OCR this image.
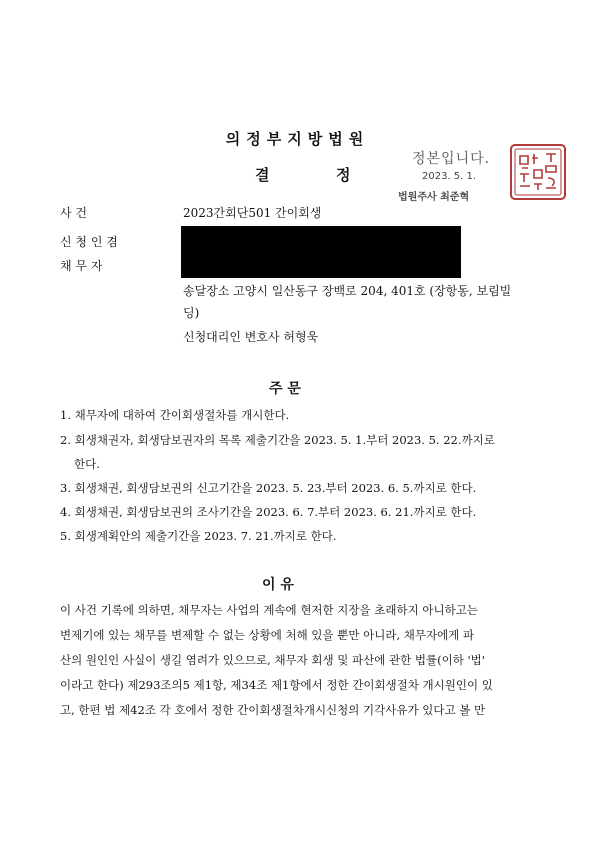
의정부지방법원
결	정
정본입니다.
2023. 5. 1.
법원주사 최준혁
사 건	2023간회단501 간이회생
신 청 인 겸
채 무 자
송달장소 고양시 일산동구 장백로 204, 401호 (장항동, 보림빌
딩)
신청대리인 변호사 허형욱
주 문
1. 채무자에 대하여 간이회생절차를 개시한다.
2. 회생채권자, 회생담보권자의 목록 제출기간을 2023. 5. 1.부터 2023. 5. 22.까지로
한다.
3. 회생채권, 회생담보권의 신고기간을 2023. 5. 23.부터 2023. 6. 5.까지로 한다.
4. 회생채권, 회생담보권의 조사기간을 2023. 6. 7.부터 2023. 6. 21.까지로 한다.
5. 회생계획안의 제출기간을 2023. 7. 21.까지로 한다.
이 유
이 사건 기록에 의하면, 채무자는 사업의 계속에 현저한 지장을 초래하지 아니하고는
변제기에 있는 채무를 변제할 수 없는 상황에 처해 있을 뿐만 아니라, 채무자에게 파
산의 원인인 사실이 생길 염려가 있으므로, 채무자 회생 및 파산에 관한 법률(이하 '법'
이라고 한다) 제293조의5 제1항, 제34조 제1항에서 정한 간이회생절차 개시원인이 있
고, 한편 법 제42조 각 호에서 정한 간이회생절차개시신청의 기각사유가 있다고 볼 만
